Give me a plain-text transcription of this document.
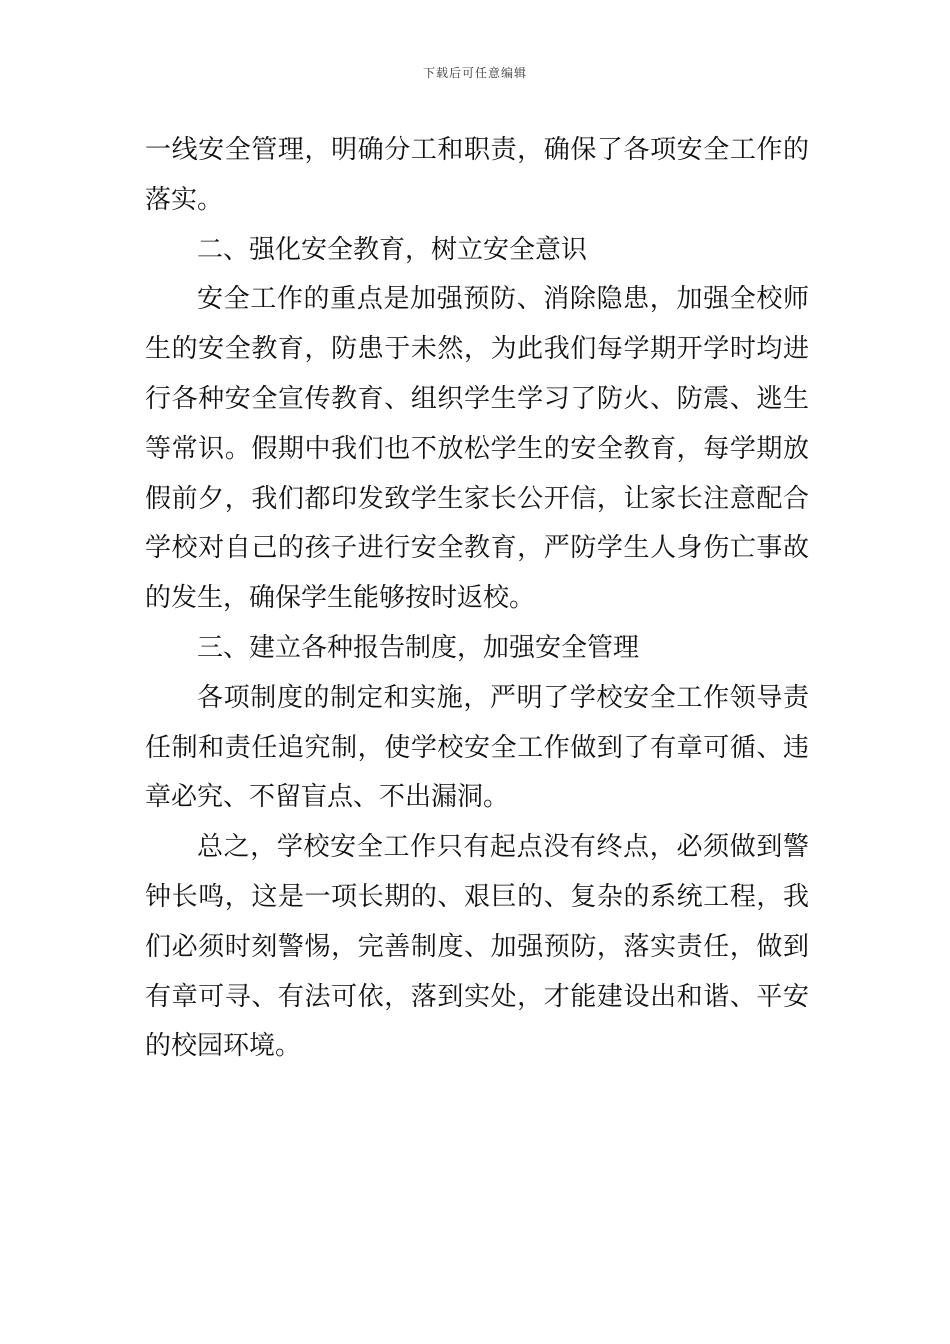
下载后可任意编辑
一线安全管理，明确分工和职责，确保了各项安全工作的
落实。
二、强化安全教育，树立安全意识
安全工作的重点是加强预防、消除隐患，加强全校师
生的安全教育，防患于未然，为此我们每学期开学时均进
行各种安全宣传教育、组织学生学习了防火、防震、逃生
等常识。假期中我们也不放松学生的安全教育，每学期放
假前夕，我们都印发致学生家长公开信，让家长注意配合
学校对自己的孩子进行安全教育，严防学生人身伤亡事故
的发生，确保学生能够按时返校。
三、建立各种报告制度，加强安全管理
各项制度的制定和实施，严明了学校安全工作领导责
任制和责任追究制，使学校安全工作做到了有章可循、违
章必究、不留盲点、不出漏洞。
总之，学校安全工作只有起点没有终点，必须做到警
钟长鸣，这是一项长期的、艰巨的、复杂的系统工程，我
们必须时刻警惕，完善制度、加强预防，落实责任，做到
有章可寻、有法可依，落到实处，才能建设出和谐、平安
的校园环境。
